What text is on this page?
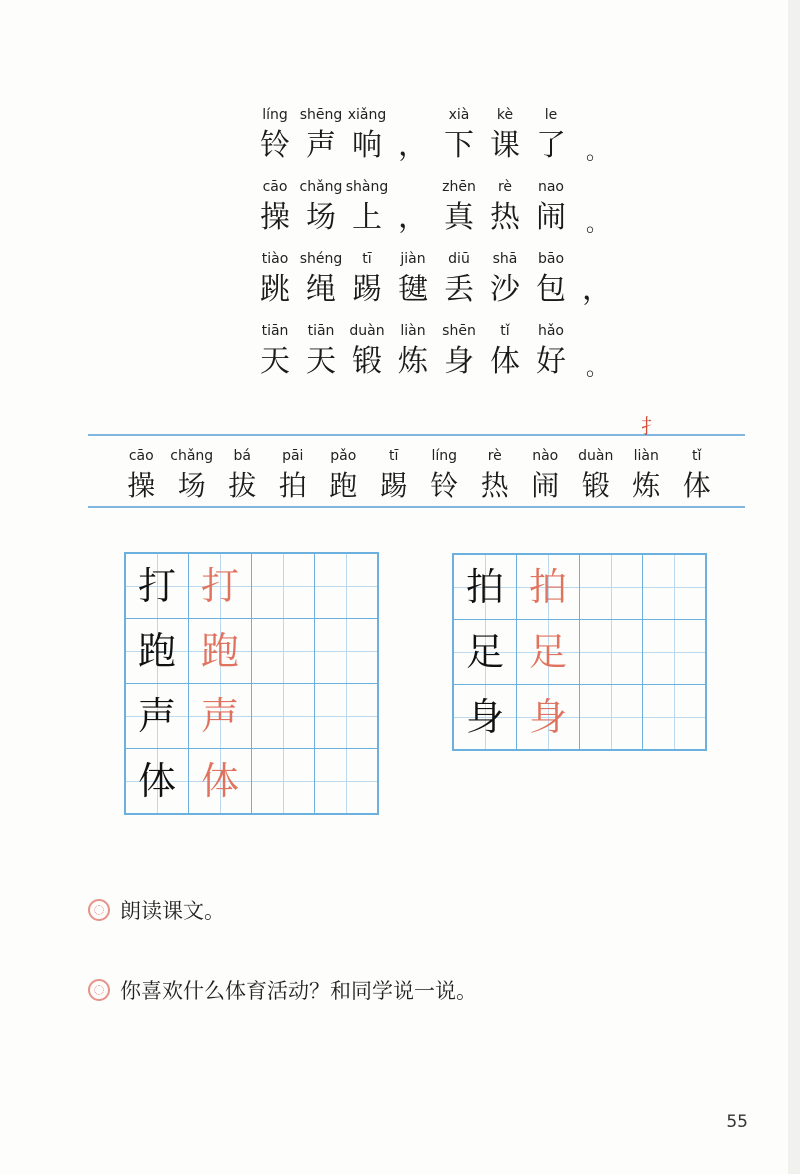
líng
铃
shēng
声
xiǎng
响 ，
xià
下
kè
课
le
了 。
cāo
操
chǎng
场
shàng
上 ，
zhēn
真
rè
热
nao
闹 。
tiào
跳
shéng
绳
tī
踢
jiàn
毽
diū
丢
shā
沙
bāo
包 ，
tiān
天
tiān
天
duàn
锻
liàn
炼
shēn
身
tǐ
体
hǎo
好 。
扌
cāo
操
chǎng
场
bá
拔
pāi
拍
pǎo
跑
tī
踢
líng
铃
rè
热
nào
闹
duàn
锻
liàn
炼
tǐ
体
打	打		

跑	跑		

声	声		

体	体		

拍	拍		

足	足		

身	身		

朗读课文。
你喜欢什么体育活动？和同学说一说。
55
